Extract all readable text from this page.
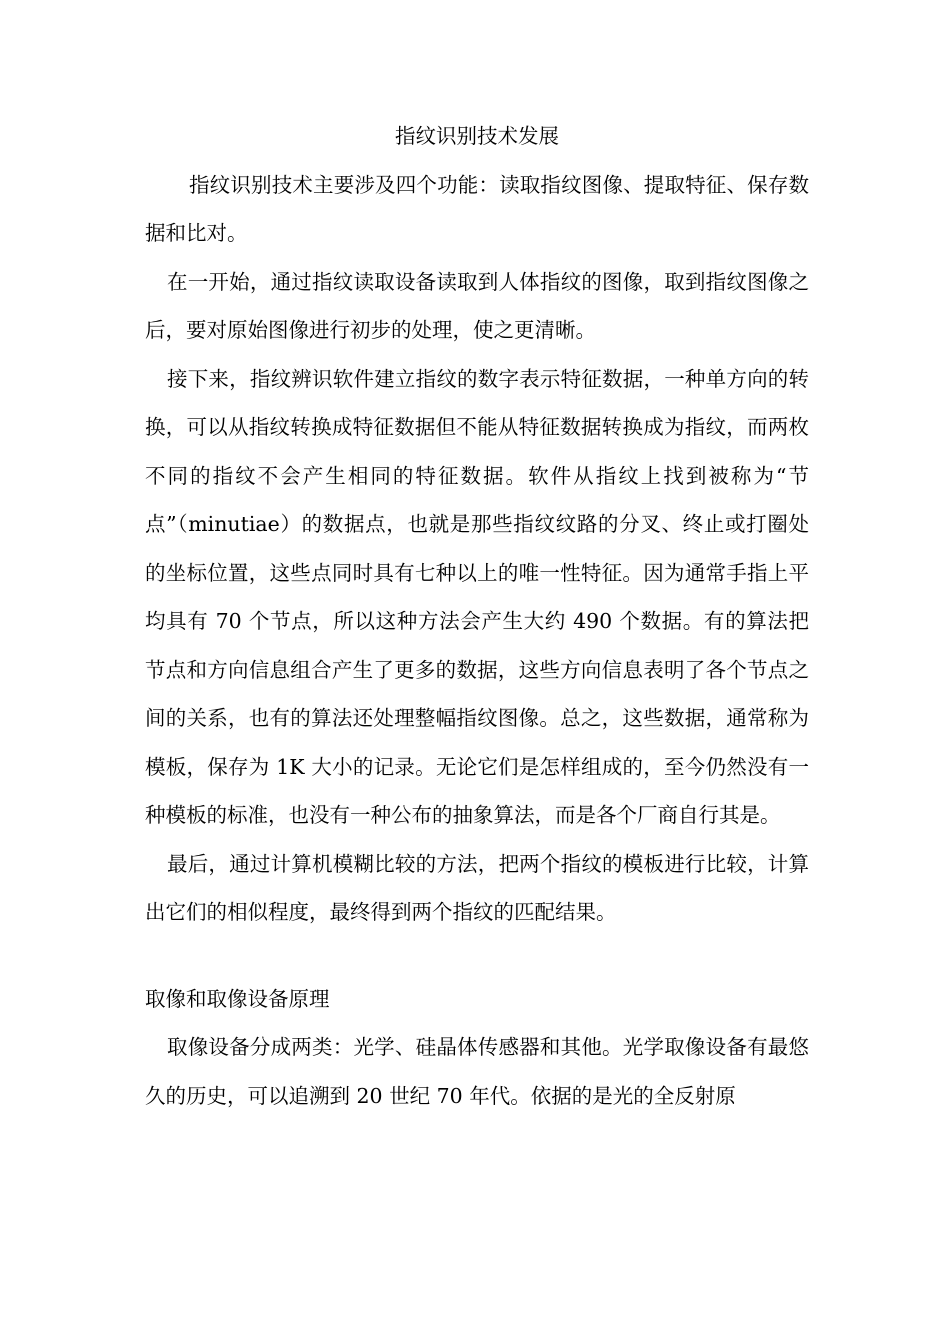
指纹识别技术发展

指纹识别技术主要涉及四个功能：读取指纹图像、提取特征、保存数据和比对。

在一开始，通过指纹读取设备读取到人体指纹的图像，取到指纹图像之后，要对原始图像进行初步的处理，使之更清晰。

接下来，指纹辨识软件建立指纹的数字表示特征数据，一种单方向的转换，可以从指纹转换成特征数据但不能从特征数据转换成为指纹，而两枚不同的指纹不会产生相同的特征数据。软件从指纹上找到被称为“节点”（minutiae）的数据点，也就是那些指纹纹路的分叉、终止或打圈处的坐标位置，这些点同时具有七种以上的唯一性特征。因为通常手指上平均具有 70 个节点，所以这种方法会产生大约 490 个数据。有的算法把节点和方向信息组合产生了更多的数据，这些方向信息表明了各个节点之间的关系，也有的算法还处理整幅指纹图像。总之，这些数据，通常称为模板，保存为 1K 大小的记录。无论它们是怎样组成的，至今仍然没有一种模板的标准，也没有一种公布的抽象算法，而是各个厂商自行其是。

最后，通过计算机模糊比较的方法，把两个指纹的模板进行比较，计算出它们的相似程度，最终得到两个指纹的匹配结果。

取像和取像设备原理

取像设备分成两类：光学、硅晶体传感器和其他。光学取像设备有最悠久的历史，可以追溯到 20 世纪 70 年代。依据的是光的全反射原
